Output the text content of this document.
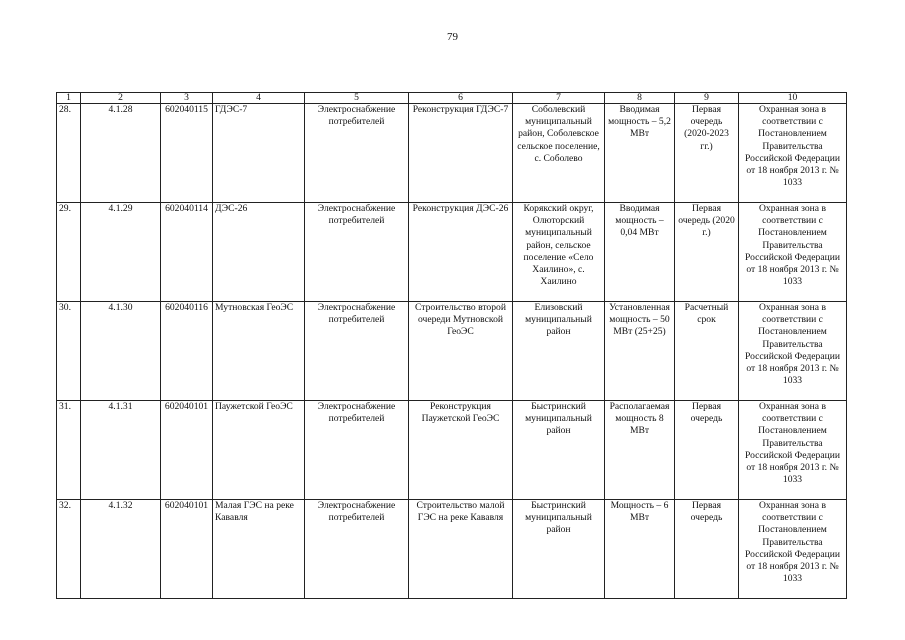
79
1	2	3	4	5	6	7	8	9	10
28.	4.1.28	602040115	ГДЭС-7	Электроснабжение потребителей	Реконструкция ГДЭС-7	Соболевский муниципальный район, Соболевское сельское поселение, с. Соболево	Вводимая мощность – 5,2 МВт	Первая очередь (2020-2023 гг.)	Охранная зона в соответствии с Постановлением Правительства Российской Федерации от 18 ноября 2013 г. № 1033
29.	4.1.29	602040114	ДЭС-26	Электроснабжение потребителей	Реконструкция ДЭС-26	Корякский округ, Олюторский муниципальный район, сельское поселение «Село Хаилино», с. Хаилино	Вводимая мощность – 0,04 МВт	Первая очередь (2020 г.)	Охранная зона в соответствии с Постановлением Правительства Российской Федерации от 18 ноября 2013 г. № 1033
30.	4.1.30	602040116	Мутновская ГеоЭС	Электроснабжение потребителей	Строительство второй очереди Мутновской ГеоЭС	Елизовский муниципальный район	Установленная мощность – 50 МВт (25+25)	Расчетный срок	Охранная зона в соответствии с Постановлением Правительства Российской Федерации от 18 ноября 2013 г. № 1033
31.	4.1.31	602040101	Паужетской ГеоЭС	Электроснабжение потребителей	Реконструкция Паужетской ГеоЭС	Быстринский муниципальный район	Располагаемая мощность 8 МВт	Первая очередь	Охранная зона в соответствии с Постановлением Правительства Российской Федерации от 18 ноября 2013 г. № 1033
32.	4.1.32	602040101	Малая ГЭС на реке Кававля	Электроснабжение потребителей	Строительство малой ГЭС на реке Кававля	Быстринский муниципальный район	Мощность – 6 МВт	Первая очередь	Охранная зона в соответствии с Постановлением Правительства Российской Федерации от 18 ноября 2013 г. № 1033
